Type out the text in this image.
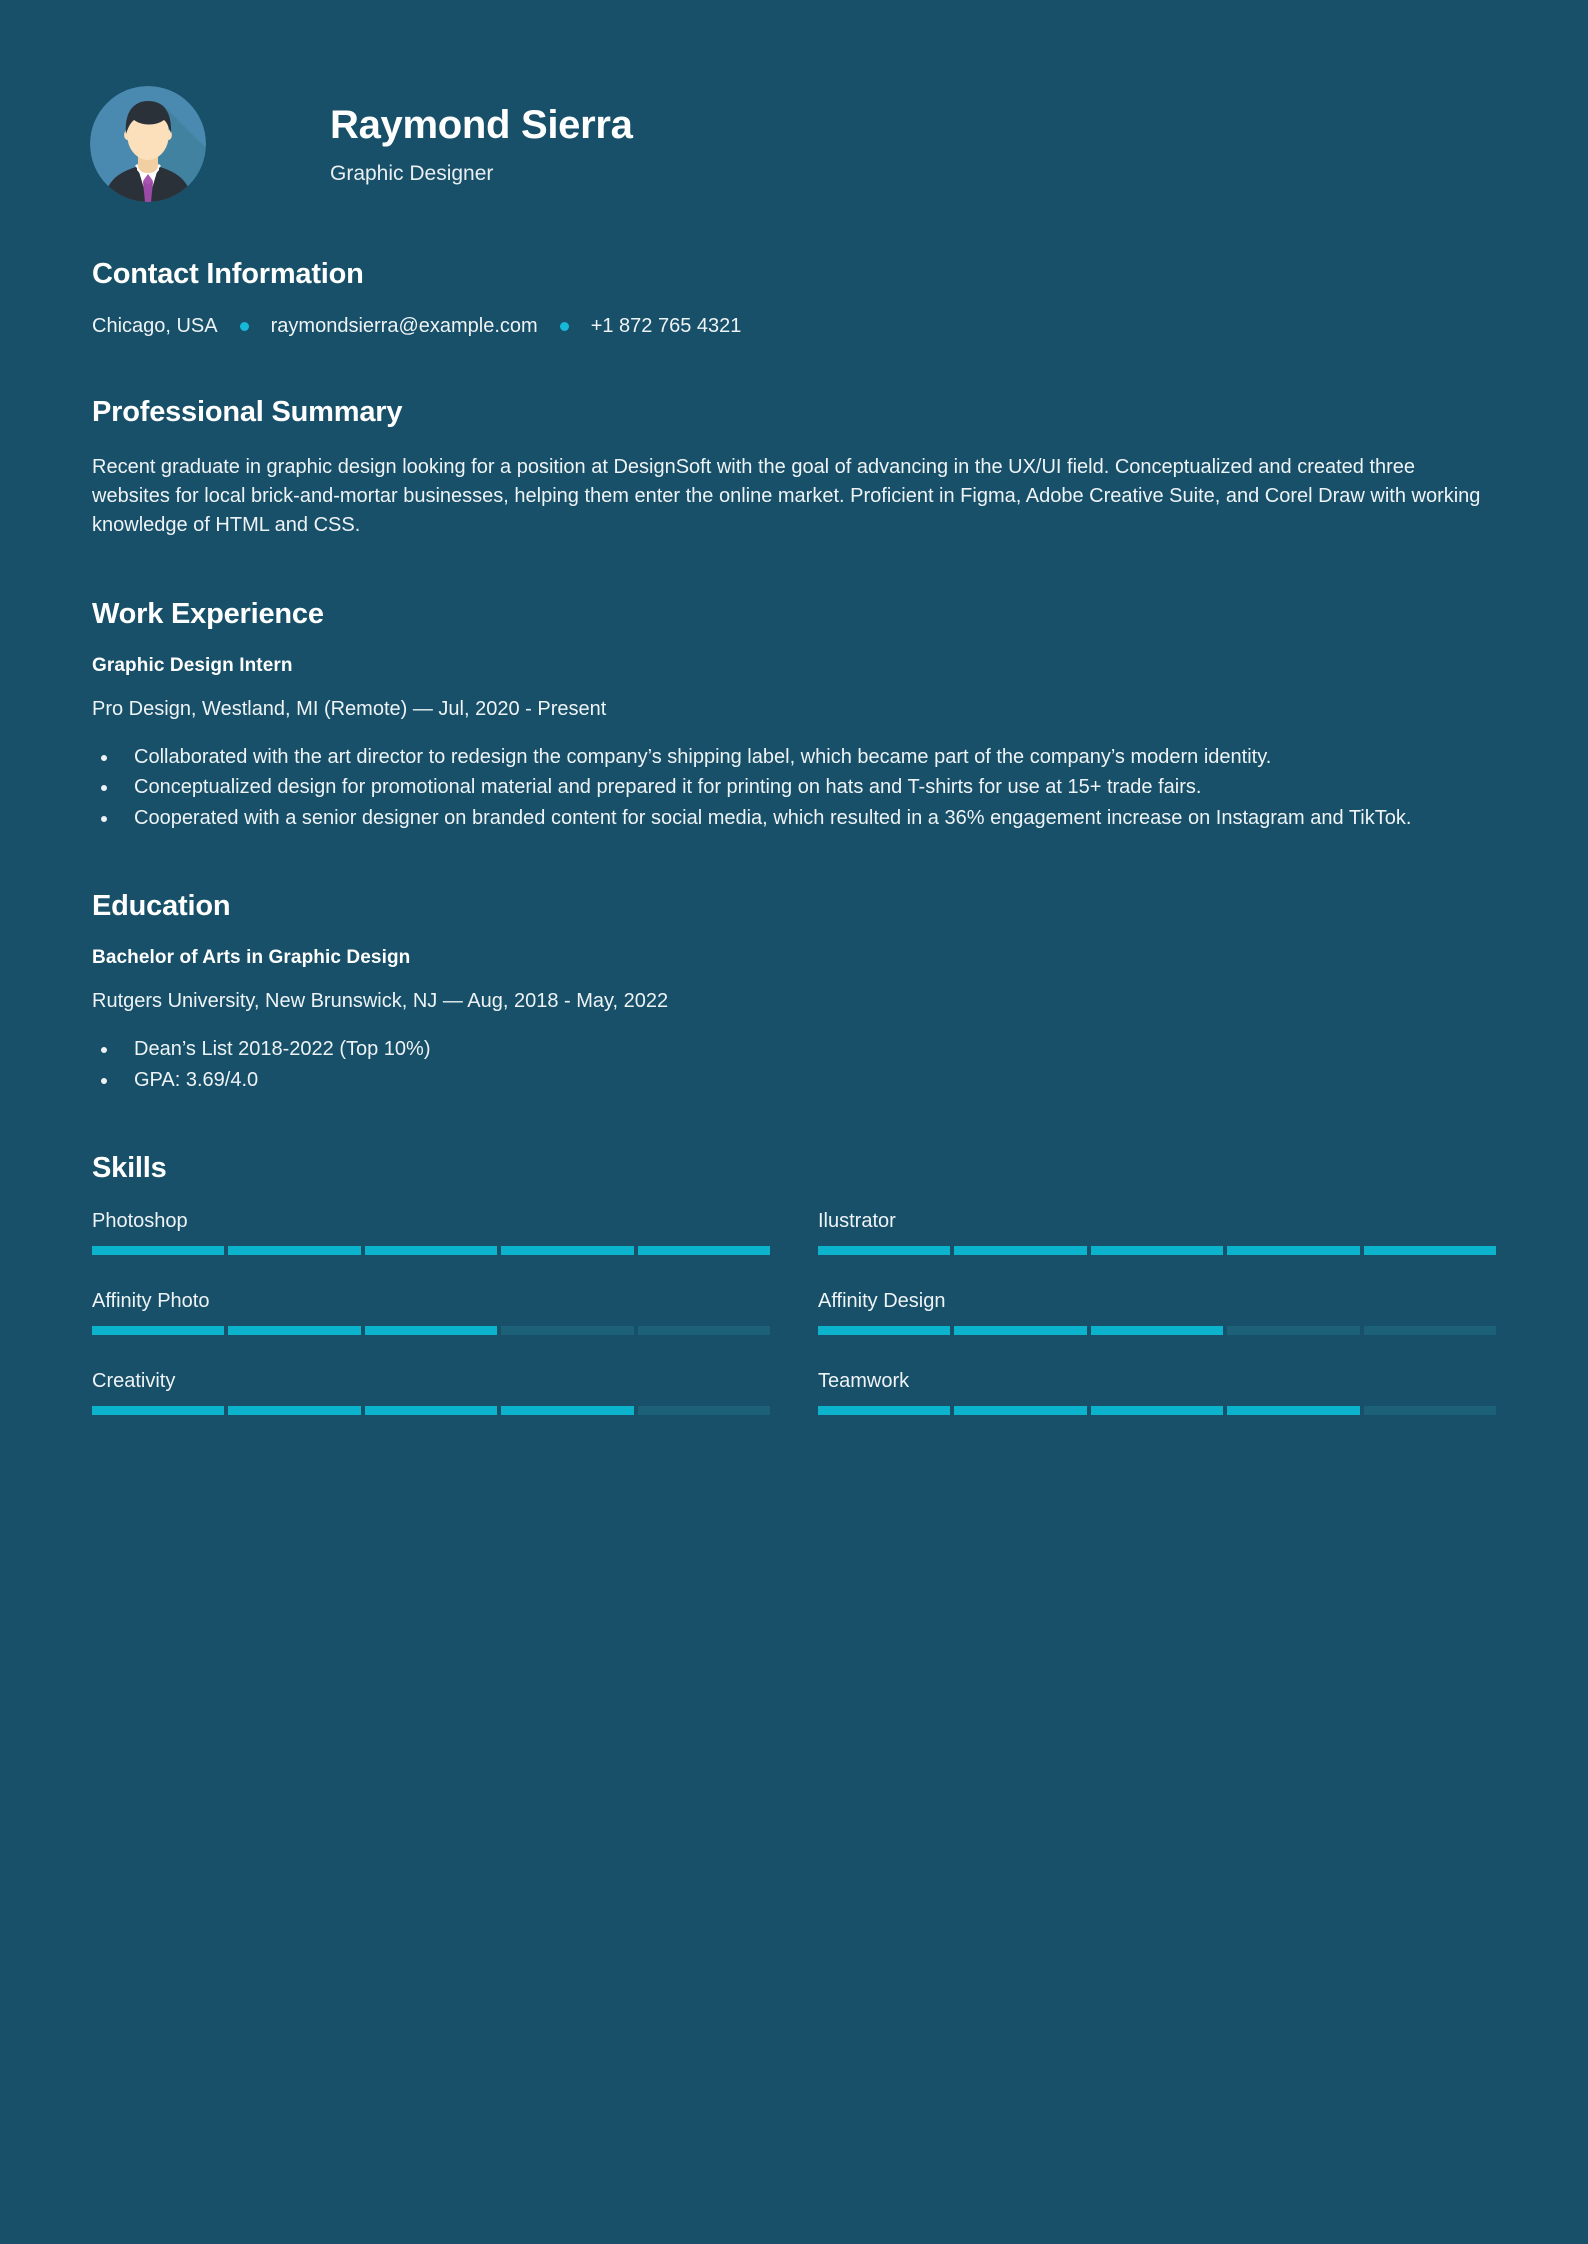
Raymond Sierra
Graphic Designer
Contact Information
Chicago, USA	raymondsierra@example.com	+1 872 765 4321
Professional Summary

Recent graduate in graphic design looking for a position at DesignSoft with the goal of advancing in the UX/UI field. Conceptualized and created three websites for local brick-and-mortar businesses, helping them enter the online market. Proficient in Figma, Adobe Creative Suite, and Corel Draw with working knowledge of HTML and CSS.

Work Experience
Graphic Design Intern
Pro Design, Westland, MI (Remote) — Jul, 2020 - Present
Collaborated with the art director to redesign the company’s shipping label, which became part of the company’s modern identity.
Conceptualized design for promotional material and prepared it for printing on hats and T-shirts for use at 15+ trade fairs.
Cooperated with a senior designer on branded content for social media, which resulted in a 36% engagement increase on Instagram and TikTok.
Education
Bachelor of Arts in Graphic Design
Rutgers University, New Brunswick, NJ — Aug, 2018 - May, 2022
Dean’s List 2018-2022 (Top 10%)
GPA: 3.69/4.0
Skills
Photoshop	Ilustrator
Affinity Photo	Affinity Design
Creativity	Teamwork
